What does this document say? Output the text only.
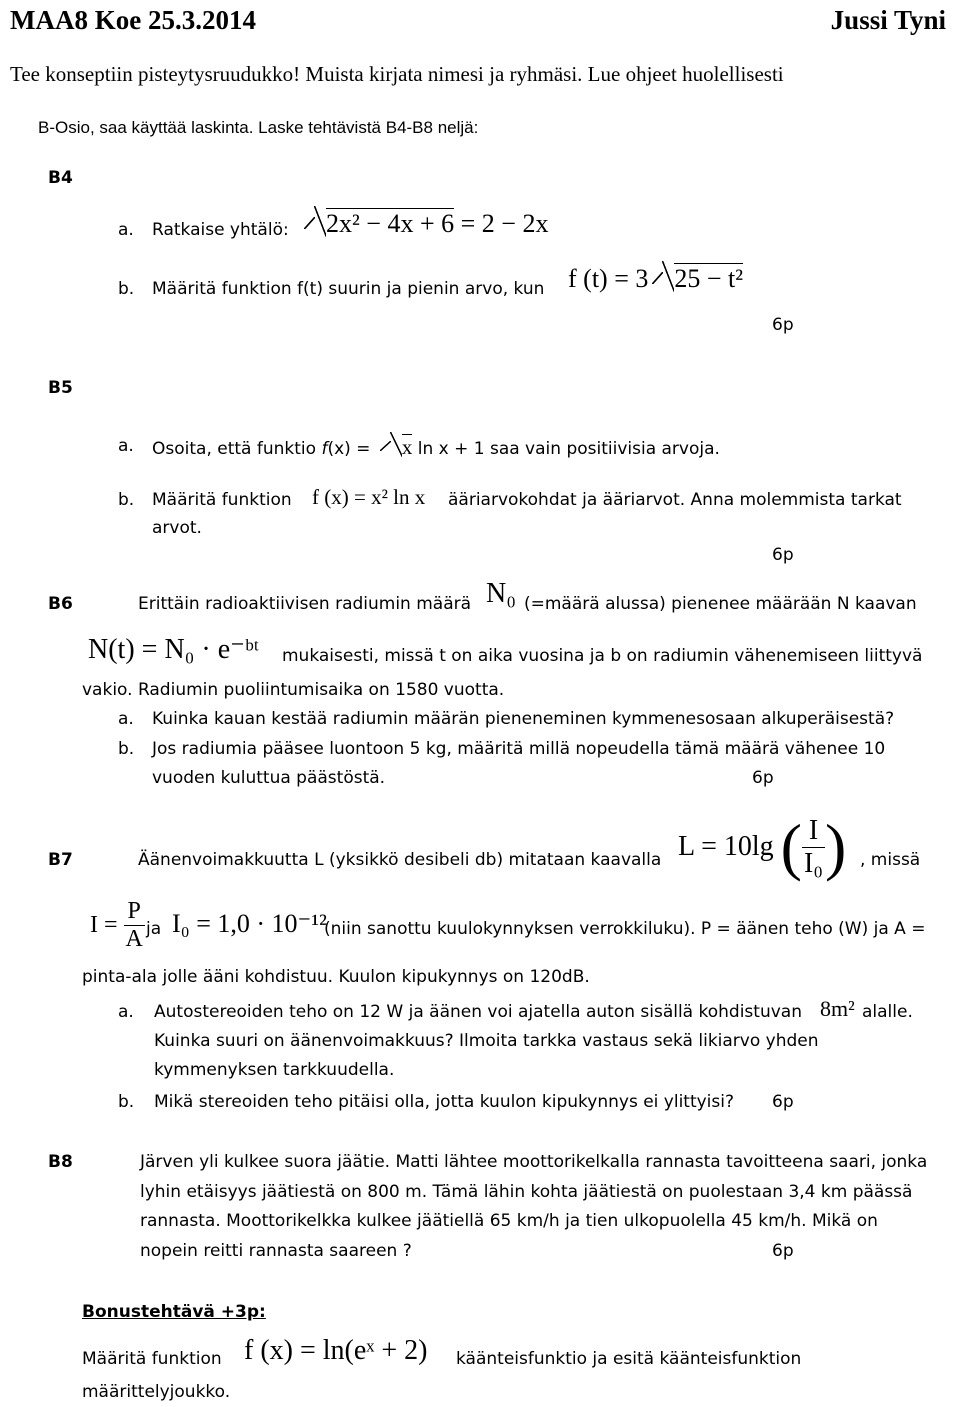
MAA8 Koe 25.3.2014	Jussi Tyni
Tee konseptiin pisteytysruudukko! Muista kirjata nimesi ja ryhmäsi. Lue ohjeet huolellisesti
B-Osio, saa käyttää laskinta. Laske tehtävistä B4-B8 neljä:
B4
a. Ratkaise yhtälö:	2x² − 4x + 6 = 2 − 2x
b. Määritä funktion f(t) suurin ja pienin arvo, kun f (t) = 3 25 − t²
6p
B5
a. Osoita, että funktio f(x) = x ln x + 1 saa vain positiivisia arvoja.
b. Määritä funktion f (x) = x² ln x ääriarvokohdat ja ääriarvot. Anna molemmista tarkat
arvot.
6p
B6	Erittäin radioaktiivisen radiumin määrä N₀ (=määrä alussa) pienenee määrään N kaavan
N(t) = N₀ · e⁻ᵇᵗ mukaisesti, missä t on aika vuosina ja b on radiumin vähenemiseen liittyvä
vakio. Radiumin puoliintumisaika on 1580 vuotta.
a. Kuinka kauan kestää radiumin määrän pieneneminen kymmenesosaan alkuperäisestä?
b. Jos radiumia pääsee luontoon 5 kg, määritä millä nopeudella tämä määrä vähenee 10
vuoden kuluttua päästöstä.	6p
B7	Äänenvoimakkuutta L (yksikkö desibeli db) mitataan kaavalla L = 10lg ( $\frac{I}{\text{I₀}}$ ) , missä
$I = \frac{P}{A}$ ja I₀ = 1,0 · 10⁻¹²
(niin sanottu kuulokynnyksen verrokkiluku). P = äänen teho (W) ja A =
pinta-ala jolle ääni kohdistuu. Kuulon kipukynnys on 120dB.
a. Autostereoiden teho on 12 W ja äänen voi ajatella auton sisällä kohdistuvan 8m² alalle.
Kuinka suuri on äänenvoimakkuus? Ilmoita tarkka vastaus sekä likiarvo yhden
kymmenyksen tarkkuudella.
b. Mikä stereoiden teho pitäisi olla, jotta kuulon kipukynnys ei ylittyisi? 6p
B8	Järven yli kulkee suora jäätie. Matti lähtee moottorikelkalla rannasta tavoitteena saari, jonka
lyhin etäisyys jäätiestä on 800 m. Tämä lähin kohta jäätiestä on puolestaan 3,4 km päässä
rannasta. Moottorikelkka kulkee jäätiellä 65 km/h ja tien ulkopuolella 45 km/h. Mikä on
nopein reitti rannasta saareen ?	6p
Bonustehtävä +3p:
Määritä funktion f (x) = ln(eˣ + 2) käänteisfunktio ja esitä käänteisfunktion
määrittelyjoukko.
